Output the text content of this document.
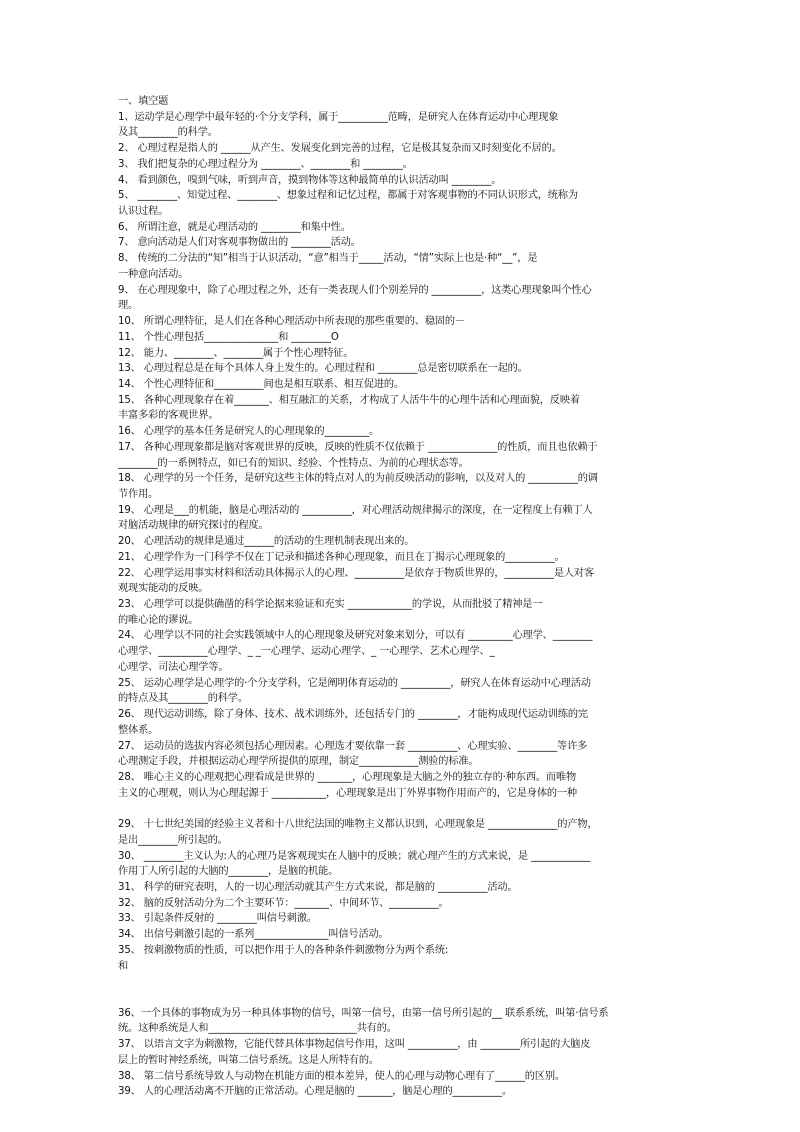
一、填空题
1、运动学是心理学中最年轻的·个分支学科，属于__________范畴，是研究人在体育运动中心理现象
及其________的科学。
2、 心理过程是指人的 ______从产生、发展变化到完善的过程，它是极其复杂而又时刻变化不居的。
3、 我们把复杂的心理过程分为 ________、________和 ________。
4、 看到颜色，嗅到气味，听到声音，摸到物体等这种最简单的认识活动叫 ________。
5、 ________、知觉过程、________、想象过程和记忆过程，都属于对客观事物的不同认识形式，统称为
认识过程。
6、 所谓注意，就是心理活动的 ________和集中性。
7、 意向活动是人们对客观事物做出的 ________活动。
8、 传统的二分法的“知”相当于认识活动，“意”相当于_____活动，“情”实际上也是·种“__”，是
一种意向活动。
9、 在心理现象中，除了心理过程之外，还有一类表现人们个别差异的 __________，这类心理现象叫个性心
理。
10、 所谓心理特征，是人们在各种心理活动中所表现的那些重要的、稳固的－
11、 个性心理包括_______________和 ________O
12、 能力、________、________属于个性心理特征。
13、 心理过程总是在每个具体人身上发生的。心理过程和 ________总是密切联系在一起的。
14、 个性心理特征和__________间也是相互联系、相互促进的。
15、 各种心理现象存在着_______、相互融汇的关系，才构成了人活牛牛的心理牛活和心理面貌，反映着
丰富多彩的客观世界。
16、 心理学的基本任务是研究人的心理现象的_________。
17、 各种心理现象都是脑对客观世界的反映，反映的性质不仅依赖于 ______________的性质，而且也依赖于
________的一系例特点，如已有的知识、经验、个性特点、为前的心理状态等。
18、 心理学的另一个任务，是研究这些主体的特点对人的为前反映活动的影响，以及对人的 __________的调
节作用。
19、 心理是___的机能，脑是心理活动的 __________，对心理活动规律揭示的深度，在一定程度上有赖丁人
对脑活动规律的研究探讨的程度。
20、 心理活动的规律是通过______的活动的生理机制表现出来的。
21、 心理学作为一门科学不仅在丁记录和描述各种心理现象，而且在丁揭示心理现象的__________。
22、 心理学运用事实材料和活动具体揭示人的心理、__________是依存于物质世界的，__________是人对客
观现实能动的反映。
23、 心理学可以提供确凿的科学论据来验证和充实 _____________的学说，从而批驳了精神是一
的唯心论的谬说。
24、 心理学以不同的社会实践领域中人的心理现象及研究对象来划分，可以有 _________心理学、________
心理学、__________心理学、_ _一心理学、运动心理学、_ 一心理学、艺术心理学、_
心理学、司法心理学等。
25、 运动心理学是心理学的·个分支学科，它是阐明体育运动的 __________，研究人在体育运动中心理活动
的特点及其________的科学。
26、 现代运动训练，除了身体、技术、战术训练外，还包括专门的 ________，才能构成现代运动训练的完
整体系。
27、 运动员的选拔内容必须包括心理因素。心理选才要依靠一套 __________、心理实验、________等许多
心理测定手段，并根据运动心理学所提供的原理，制定____________测验的标准。
28、 唯心主义的心理观把心理看成是世界的 _______，心理现象是大脑之外的独立存的·种东西。而唯物
主义的心理观，则认为心理起源于 ___________，心理现象是出丁外界事物作用而产的，它是身体的一种
29、 十七世纪美国的经验主义者和十八世纪法国的唯物主义都认识到，心理现象是 ______________的产物，
是出________所引起的。
30、 ________主义认为:人的心理乃是客观现实在人脑中的反映；就心理产生的方式来说，是 ____________
作用丁人所引起的大脑的________，是脑的机能。
31、 科学的研究表明，人的一切心理活动就其产生方式来说，都是脑的 __________活动。
32、 脑的反射活动分为二个主要环节：_______、中间环节、__________。
33、 引起条件反射的 ________叫信号刺激。
34、 出信号刺激引起的一系列_______________叫信号活动。
35、 按刺激物质的性质，可以把作用于人的各种条件刺激物分为两个系统:
和
36、一个具体的事物成为另一种具体事物的信号，叫第一信号，由第一信号所引起的__ 联系系统，叫第·信号系
统。这种系统是人和______________________________共有的。
37、 以语言文字为刺激物，它能代替具体事物起信号作用，这叫 __________，由 ________所引起的大脑皮
层上的暂时神经系统，叫第二信号系统。这是人所特有的。
38、 第二信号系统导致人与动物在机能方面的根本差异，使人的心理与动物心理有了______的区别。
39、 人的心理活动离不开脑的正常活动。心理是脑的 _______，脑是心理的__________。
